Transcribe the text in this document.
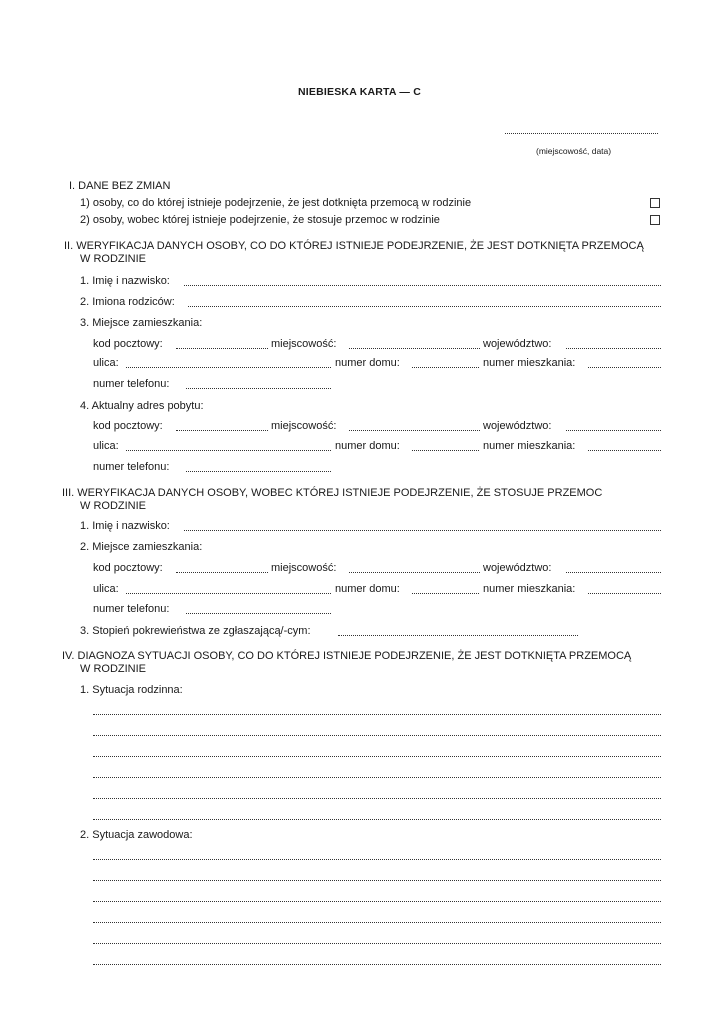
NIEBIESKA KARTA — C
(miejscowość, data)
I. DANE BEZ ZMIAN
1) osoby, co do której istnieje podejrzenie, że jest dotknięta przemocą w rodzinie
2) osoby, wobec której istnieje podejrzenie, że stosuje przemoc w rodzinie
II. WERYFIKACJA DANYCH OSOBY, CO DO KTÓREJ ISTNIEJE PODEJRZENIE, ŻE JEST DOTKNIĘTA PRZEMOCĄ
W RODZINIE
1. Imię i nazwisko:
2. Imiona rodziców:
3. Miejsce zamieszkania:
kod pocztowy:	miejscowość:	województwo:
ulica:	numer domu:	numer mieszkania:
numer telefonu:
4. Aktualny adres pobytu:
kod pocztowy:	miejscowość:	województwo:
ulica:	numer domu:	numer mieszkania:
numer telefonu:
III. WERYFIKACJA DANYCH OSOBY, WOBEC KTÓREJ ISTNIEJE PODEJRZENIE, ŻE STOSUJE PRZEMOC
W RODZINIE
1. Imię i nazwisko:
2. Miejsce zamieszkania:
kod pocztowy:	miejscowość:	województwo:
ulica:	numer domu:	numer mieszkania:
numer telefonu:
3. Stopień pokrewieństwa ze zgłaszającą/-cym:
IV. DIAGNOZA SYTUACJI OSOBY, CO DO KTÓREJ ISTNIEJE PODEJRZENIE, ŻE JEST DOTKNIĘTA PRZEMOCĄ
W RODZINIE
1. Sytuacja rodzinna:
2. Sytuacja zawodowa:
